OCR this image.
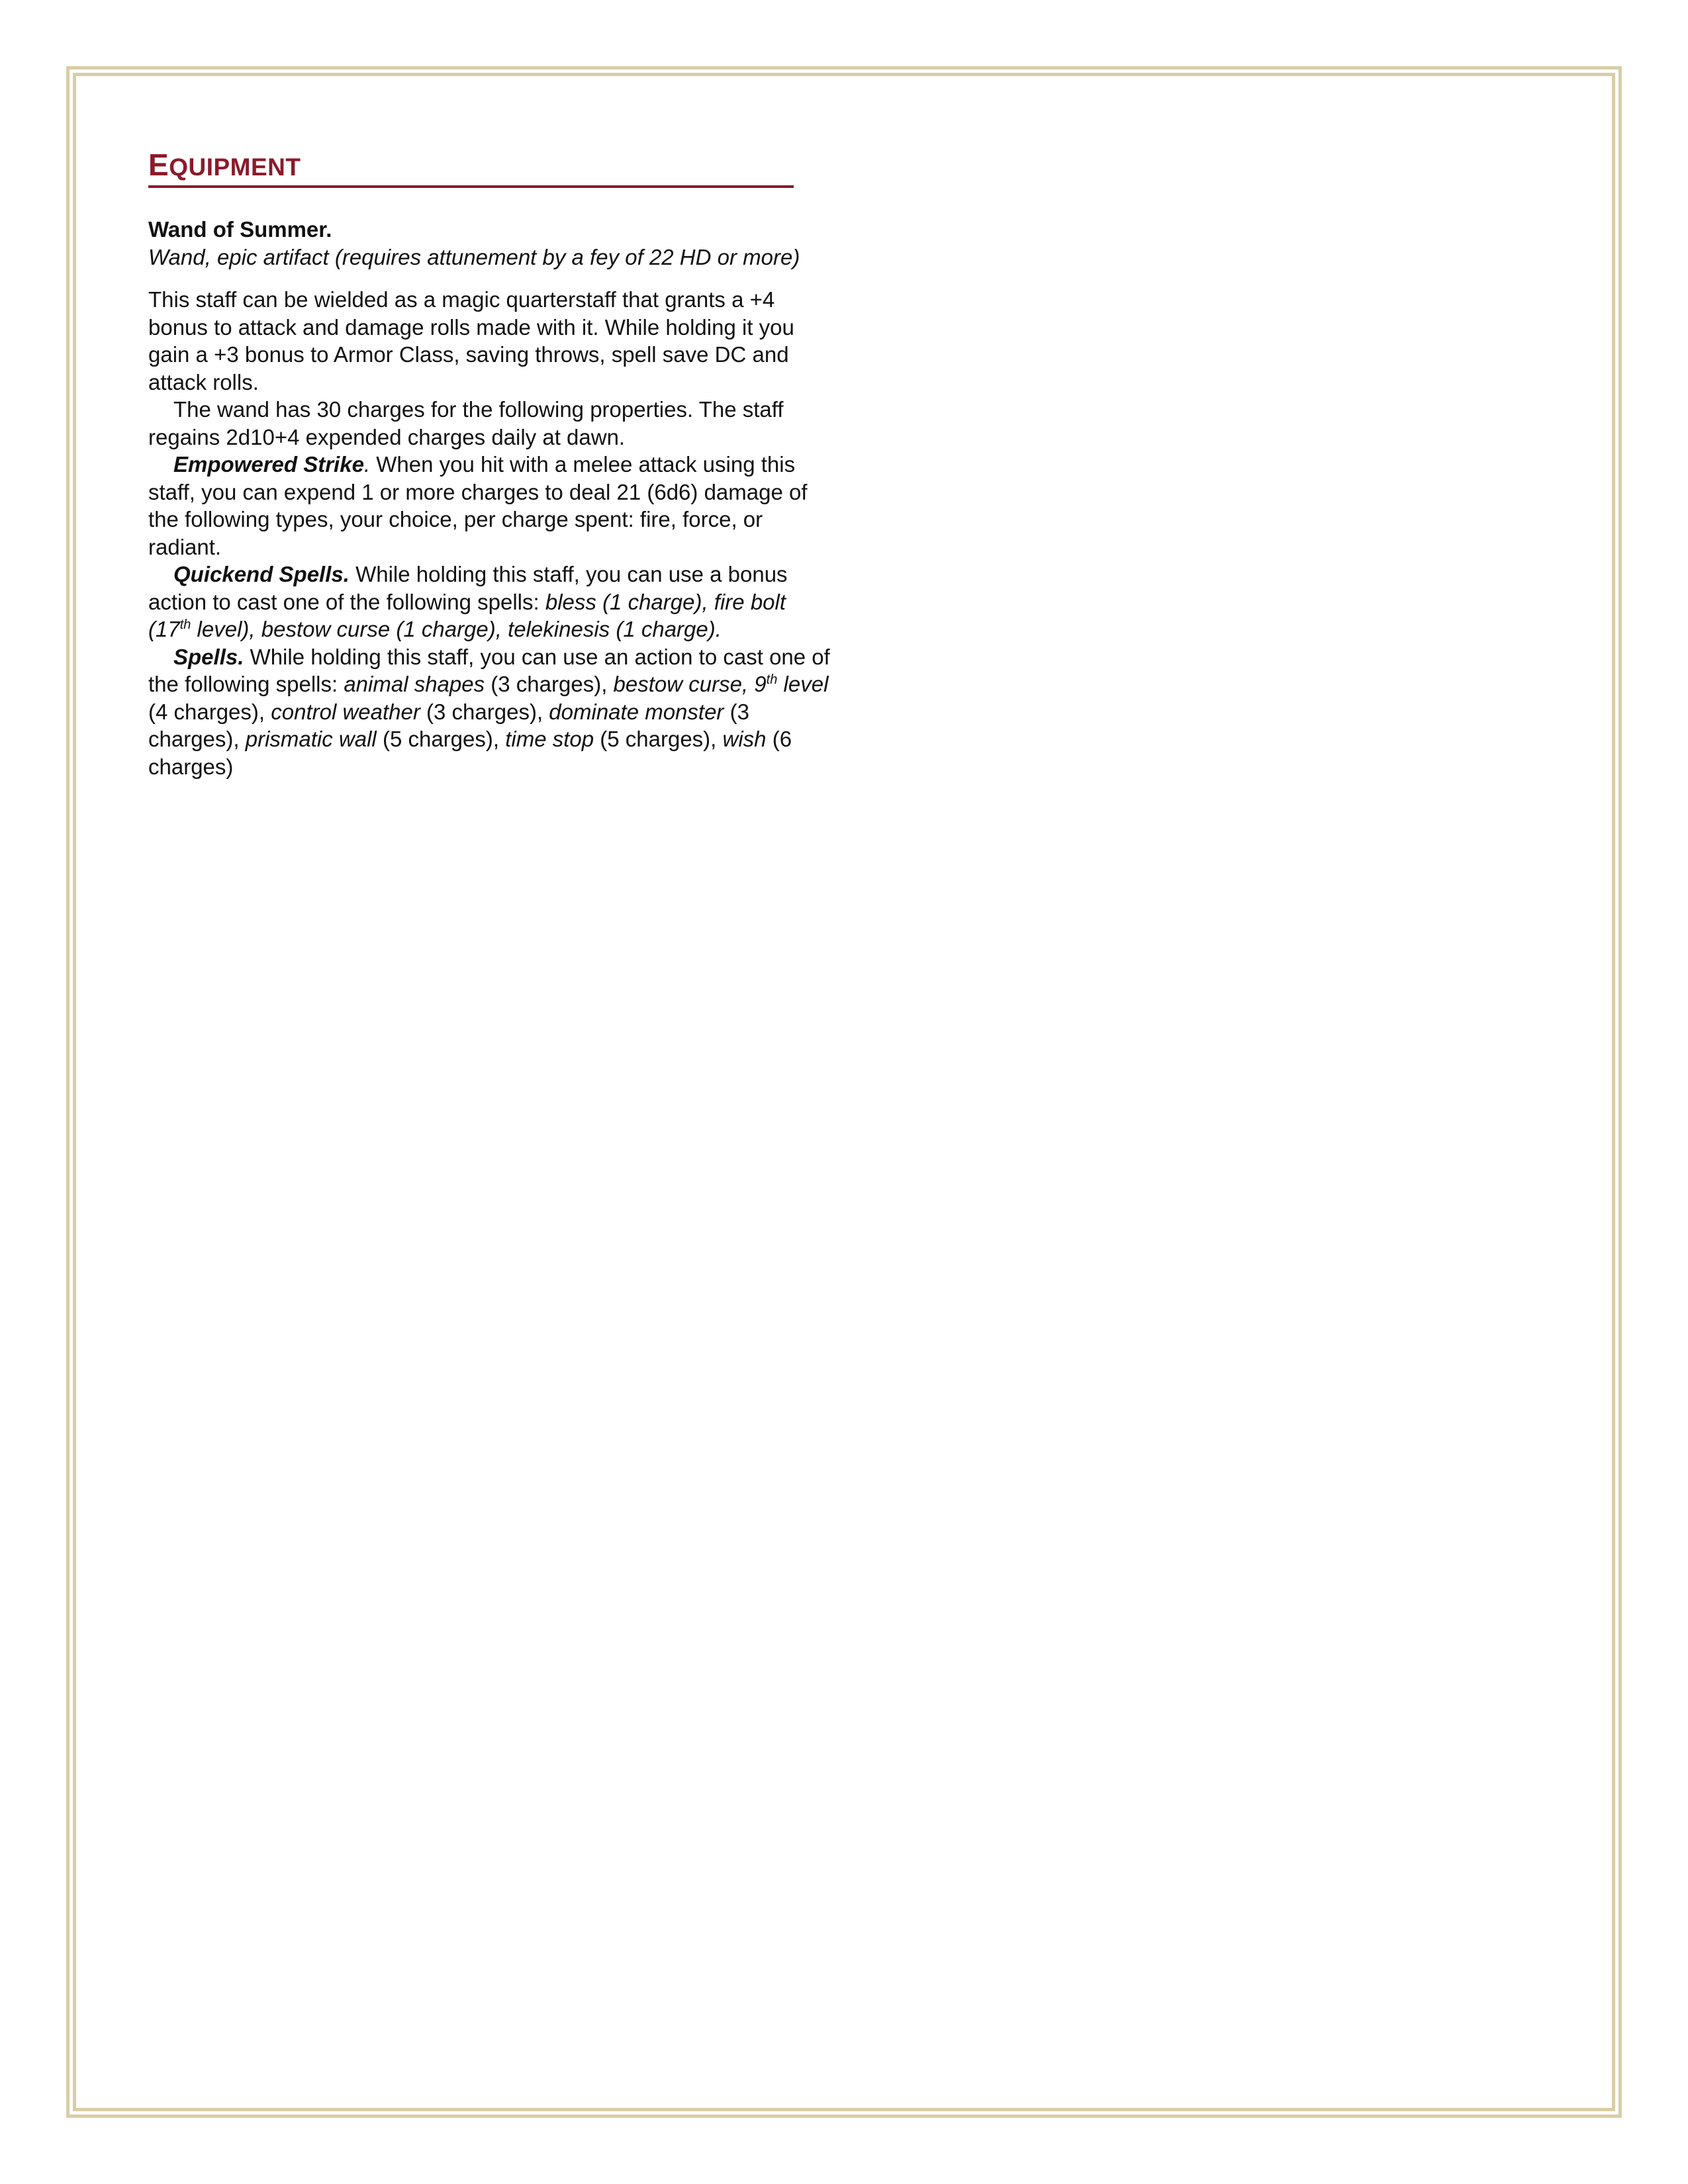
EQUIPMENT
Wand of Summer.
Wand, epic artifact (requires attunement by a fey of 22 HD or more)

This staff can be wielded as a magic quarterstaff that grants a +4 bonus to attack and damage rolls made with it. While holding it you gain a +3 bonus to Armor Class, saving throws, spell save DC and attack rolls.

The wand has 30 charges for the following properties. The staff regains 2d10+4 expended charges daily at dawn.

Empowered Strike. When you hit with a melee attack using this staff, you can expend 1 or more charges to deal 21 (6d6) damage of the following types, your choice, per charge spent: fire, force, or radiant.

Quickend Spells. While holding this staff, you can use a bonus action to cast one of the following spells: bless (1 charge), fire bolt (17th level), bestow curse (1 charge), telekinesis (1 charge).

Spells. While holding this staff, you can use an action to cast one of the following spells: animal shapes (3 charges), bestow curse, 9th level (4 charges), control weather (3 charges), dominate monster (3 charges), prismatic wall (5 charges), time stop (5 charges), wish (6 charges)
